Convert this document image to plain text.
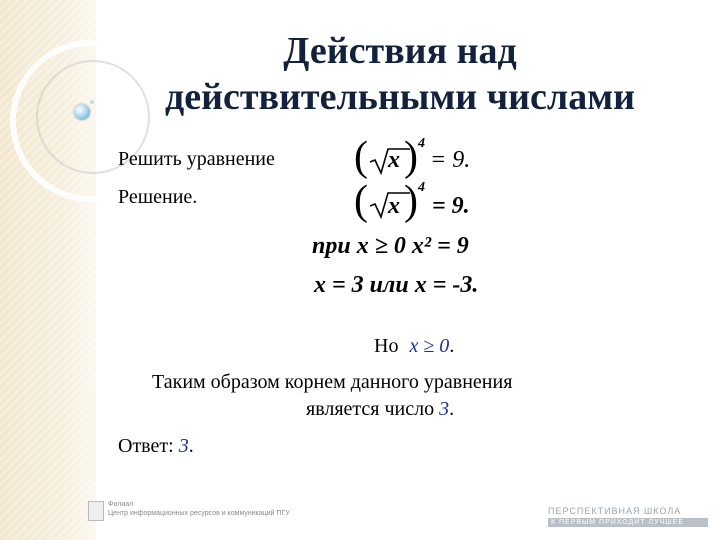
Действия над
действительными числами
Решить уравнение ( x ) 4
= 9.
Решение.	( x ) 4
= 9.
при x ≥ 0 x² = 9
x = 3 или x = -3.
Но x ≥ 0.
Таким образом корнем данного уравнения
является число 3.
Ответ: 3.
Филиал
Центр информационных ресурсов и коммуникаций ПГУ	ПЕРСПЕКТИВНАЯ ШКОЛА
К ПЕРВЫМ ПРИХОДИТ ЛУЧШЕЕ
